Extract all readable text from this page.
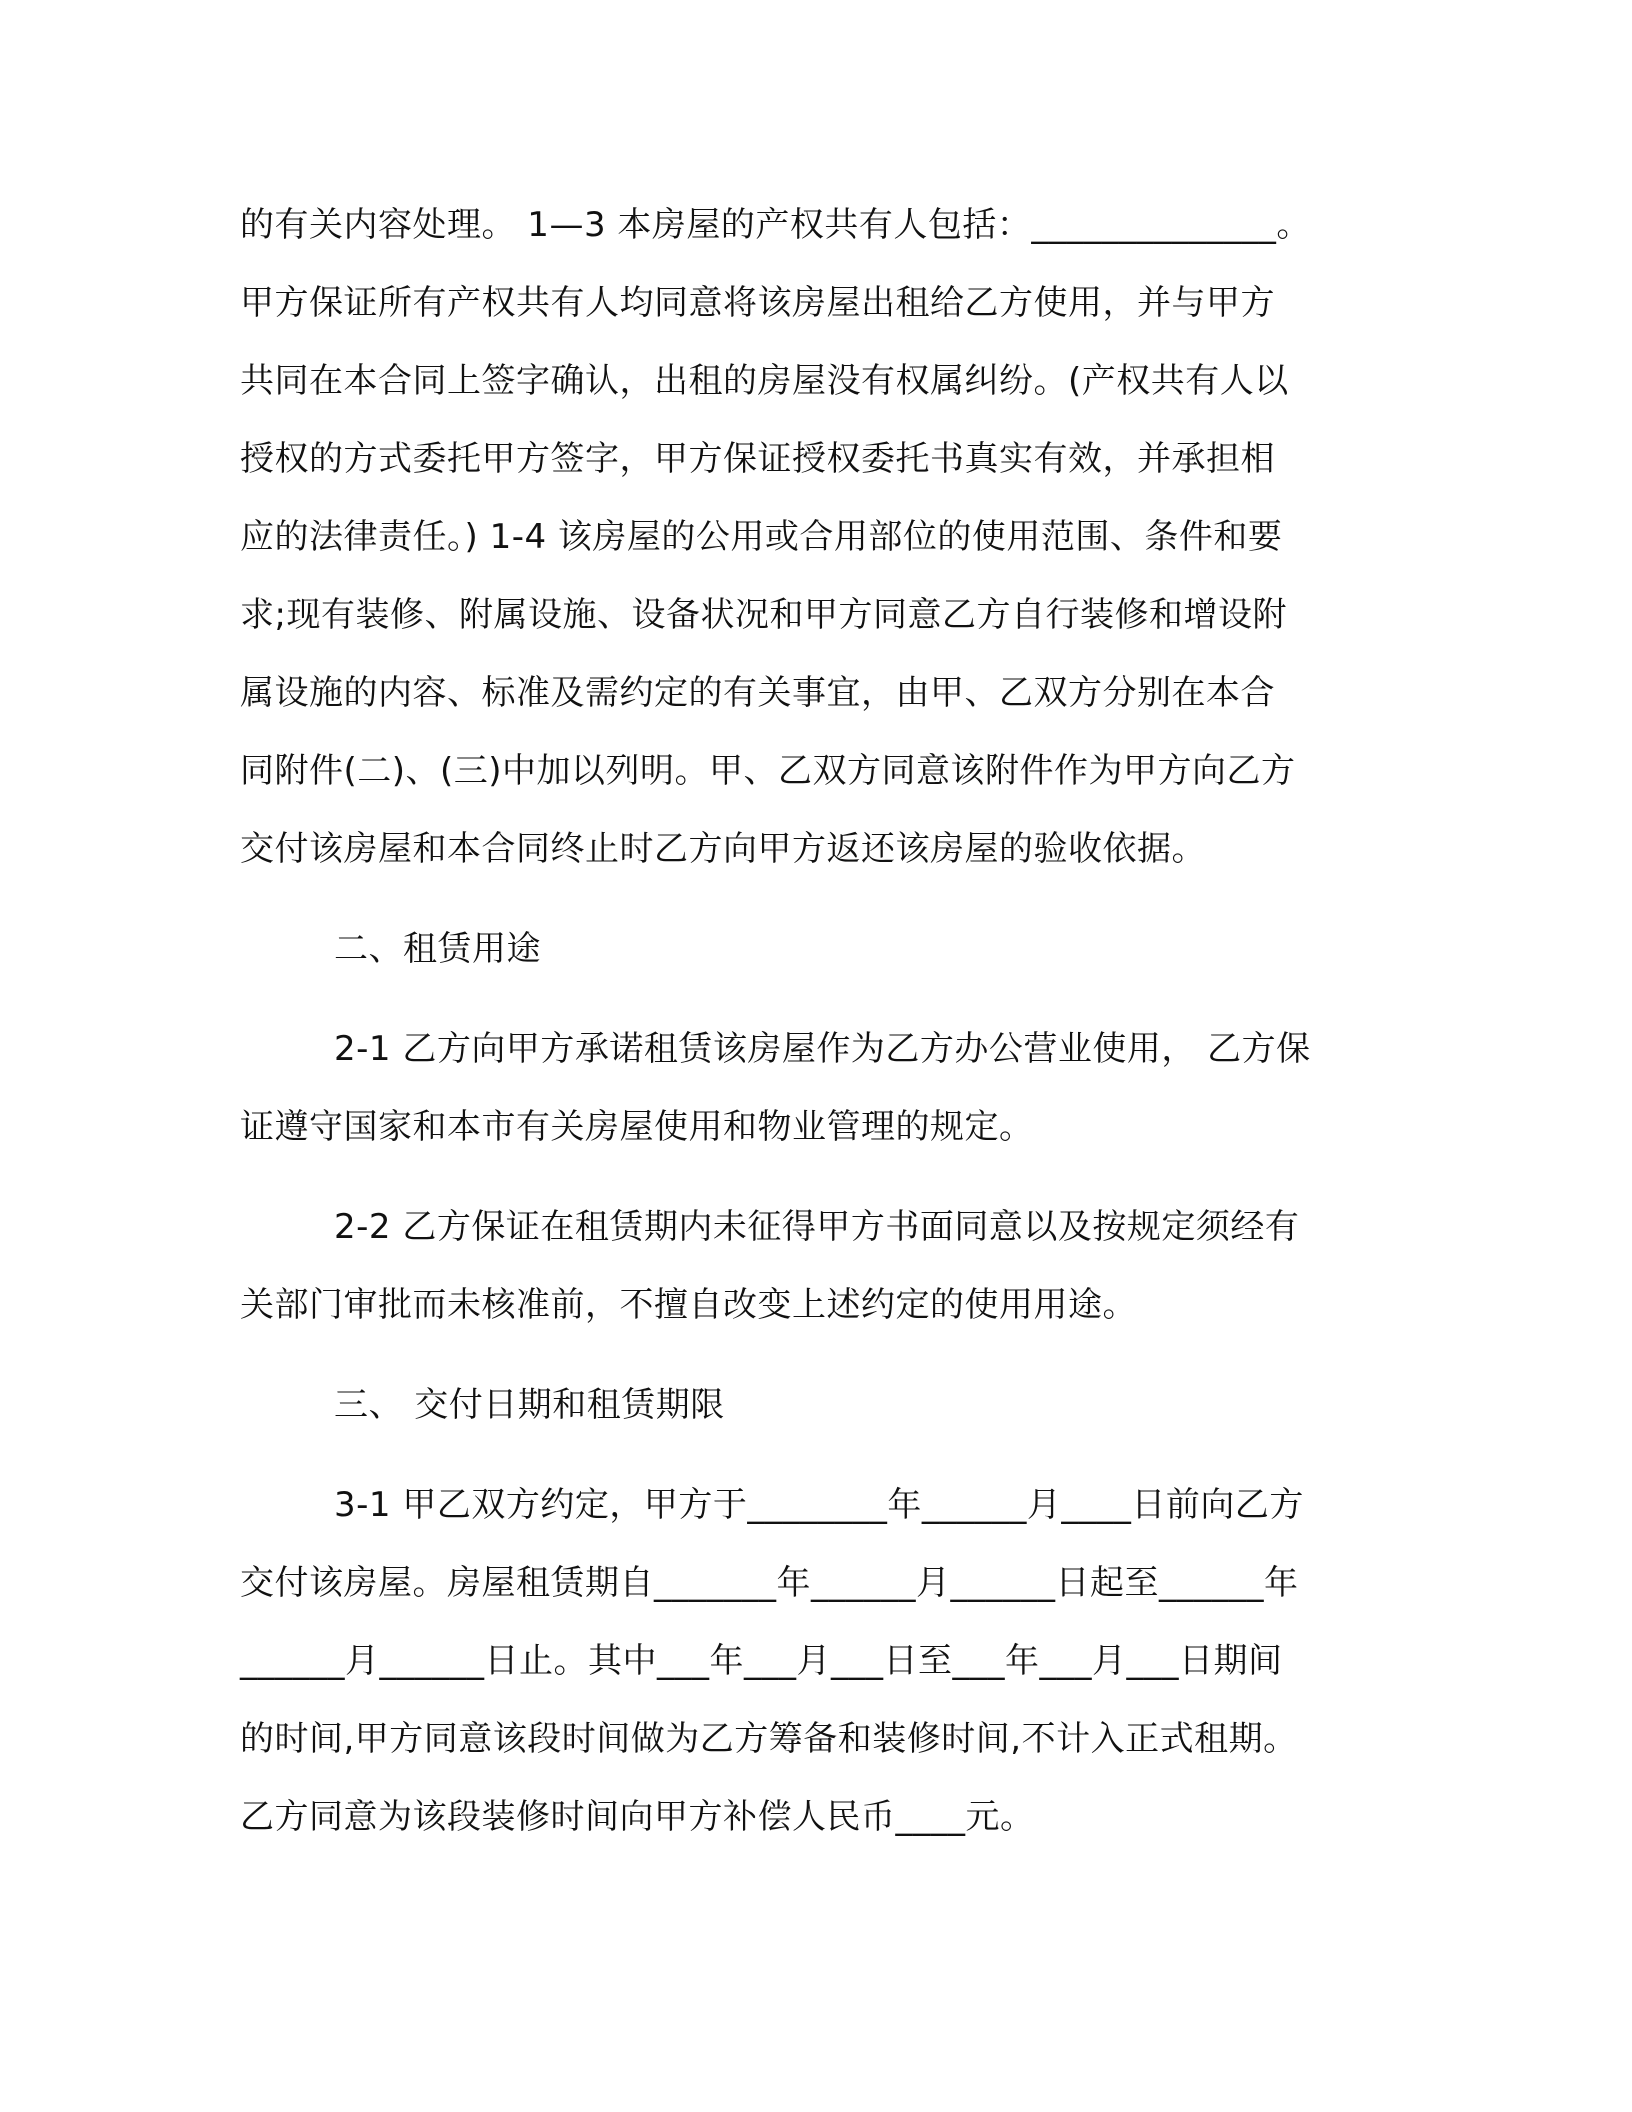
的有关内容处理。 1—3 本房屋的产权共有人包括：______________。

甲方保证所有产权共有人均同意将该房屋出租给乙方使用，并与甲方

共同在本合同上签字确认，出租的房屋没有权属纠纷。(产权共有人以

授权的方式委托甲方签字，甲方保证授权委托书真实有效，并承担相

应的法律责任。) 1-4 该房屋的公用或合用部位的使用范围、条件和要

求;现有装修、附属设施、设备状况和甲方同意乙方自行装修和增设附

属设施的内容、标准及需约定的有关事宜，由甲、乙双方分别在本合

同附件(二)、(三)中加以列明。甲、乙双方同意该附件作为甲方向乙方

交付该房屋和本合同终止时乙方向甲方返还该房屋的验收依据。

二、租赁用途

2-1 乙方向甲方承诺租赁该房屋作为乙方办公营业使用， 乙方保

证遵守国家和本市有关房屋使用和物业管理的规定。

2-2 乙方保证在租赁期内未征得甲方书面同意以及按规定须经有

关部门审批而未核准前，不擅自改变上述约定的使用用途。

三、 交付日期和租赁期限

3-1 甲乙双方约定，甲方于________年______月____日前向乙方

交付该房屋。房屋租赁期自_______年______月______日起至______年

______月______日止。其中___年___月___日至___年___月___日期间

的时间,甲方同意该段时间做为乙方筹备和装修时间,不计入正式租期。

乙方同意为该段装修时间向甲方补偿人民币____元。
